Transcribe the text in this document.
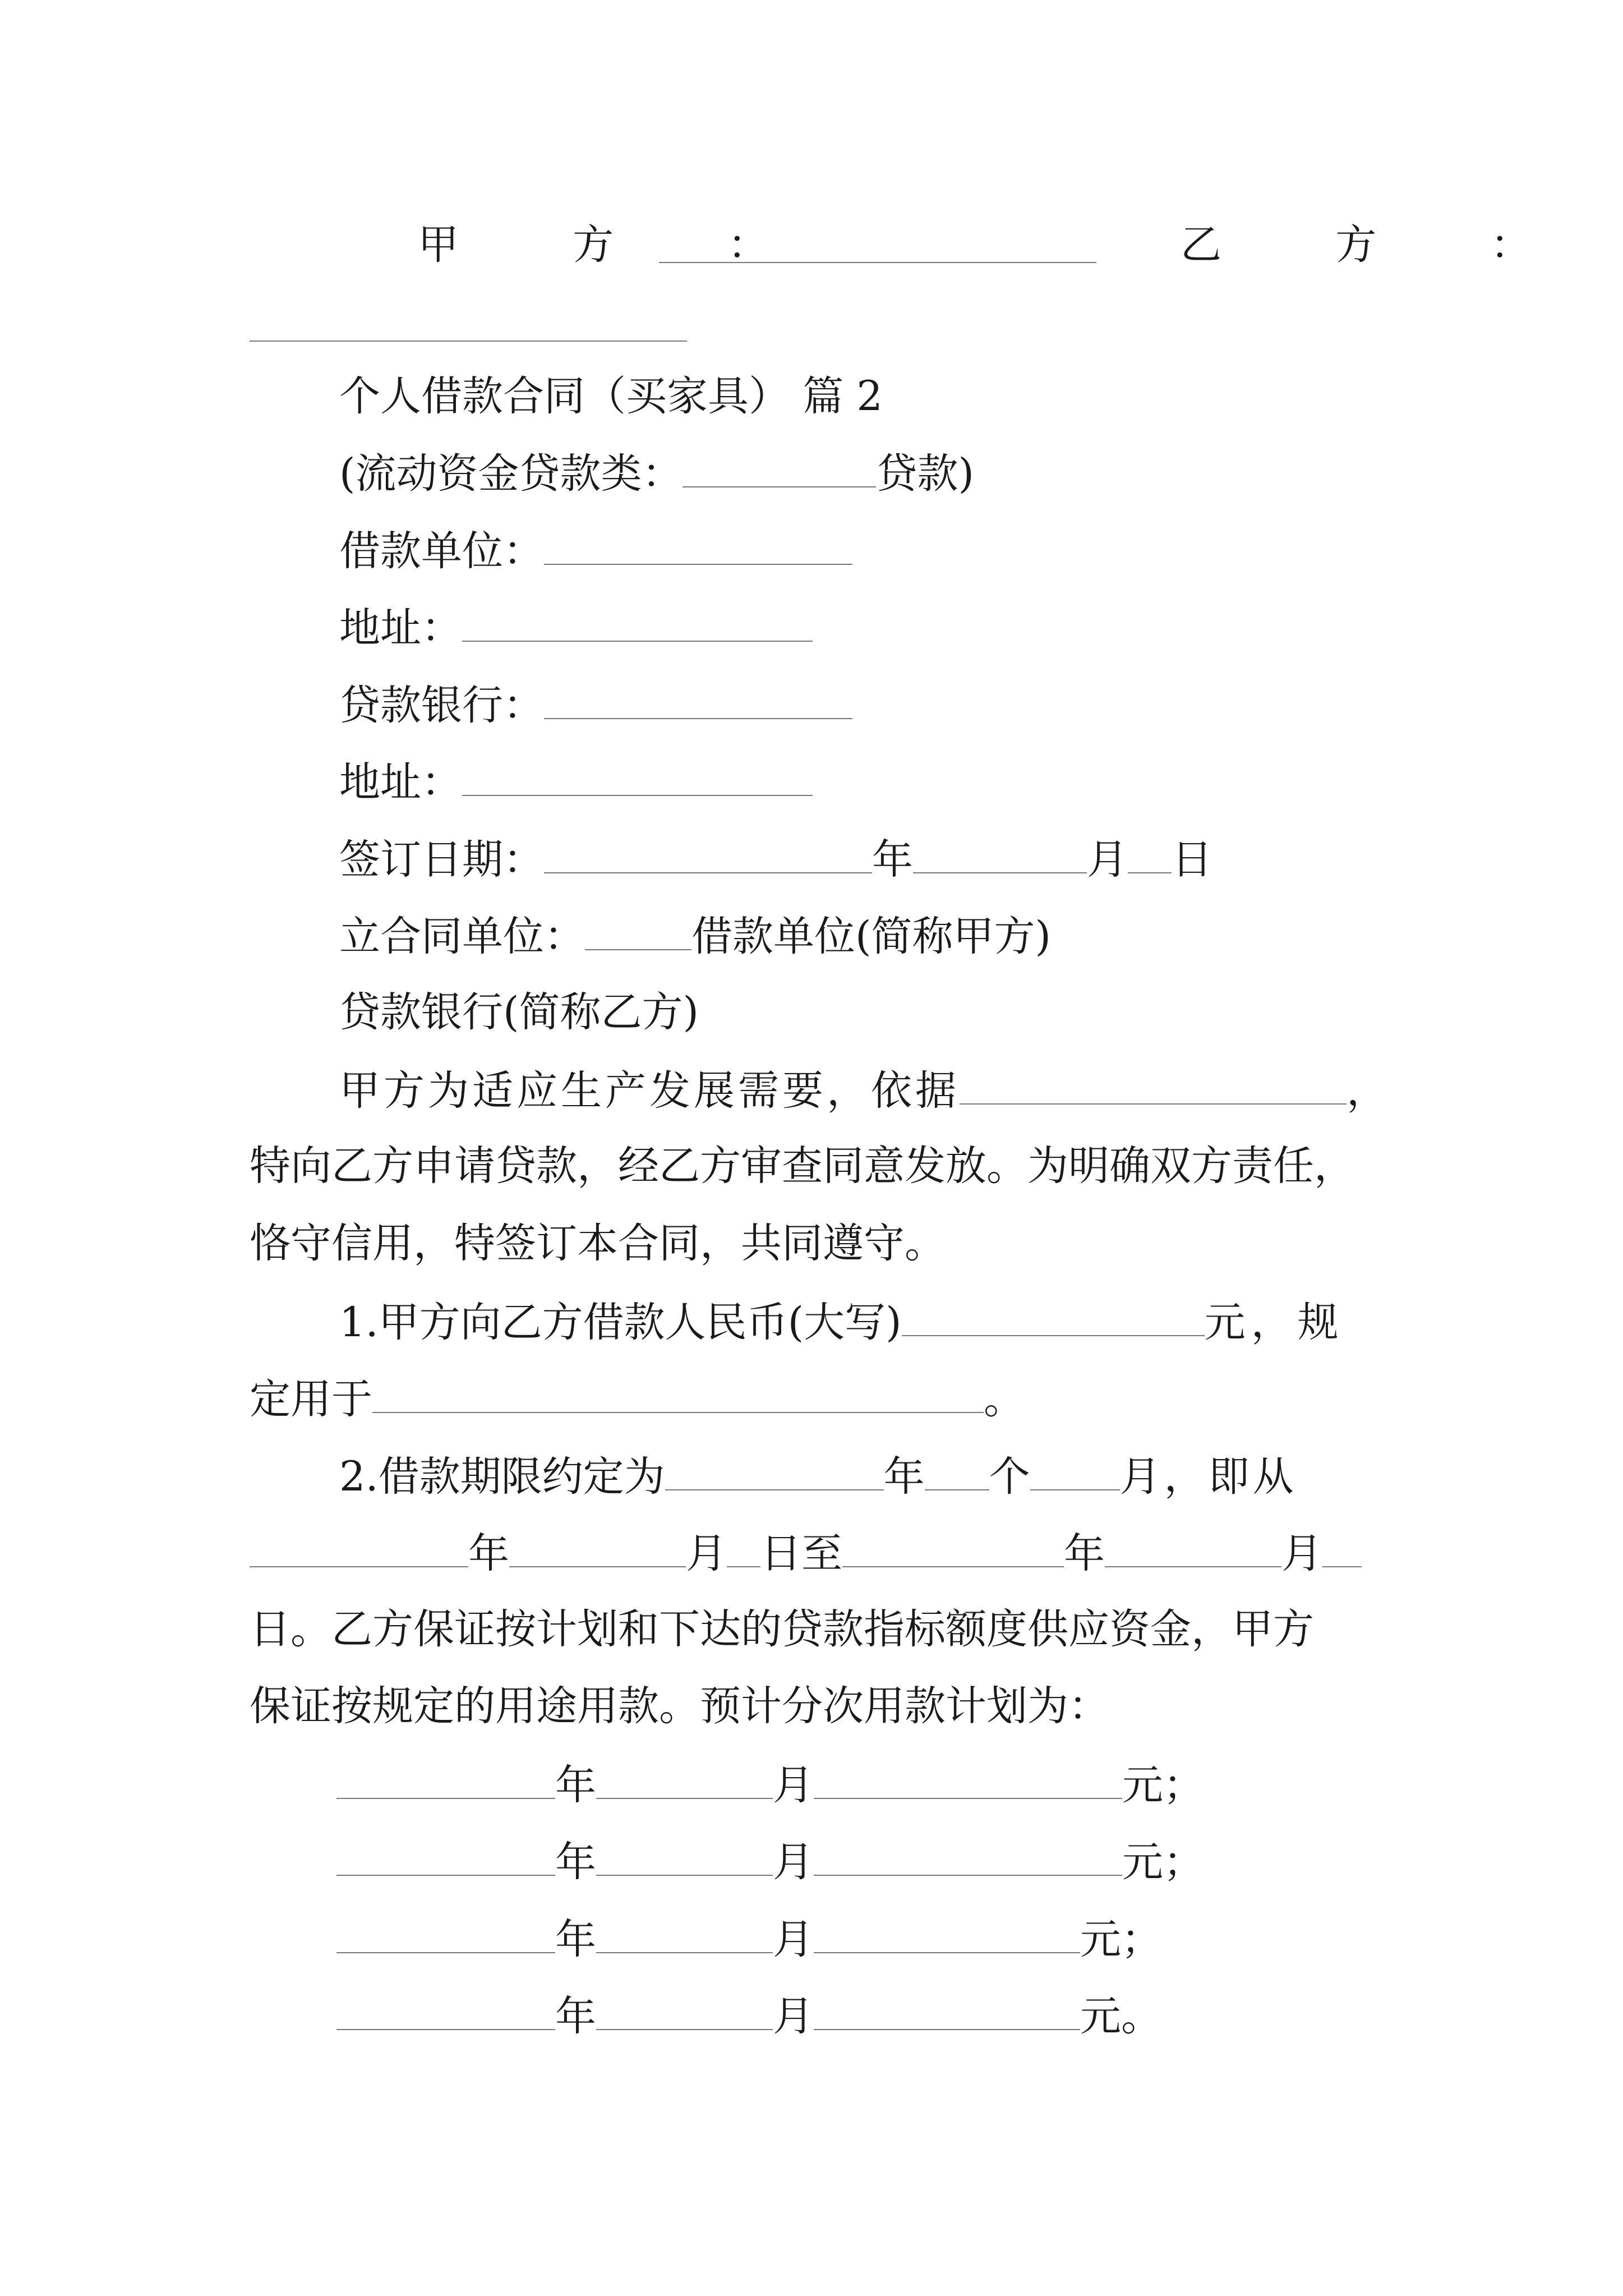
甲 方 ：	乙 方 ：
个人借款合同（买家具） 篇 2
(流动资金贷款类：	贷款)
借款单位：
地址：
贷款银行：
地址：
签订日期：	年	月 日
立合同单位：	借款单位(简称甲方)
贷款银行(简称乙方)
甲方为适应生产发展需要，依据	，
特向乙方申请贷款，经乙方审查同意发放。为明确双方责任，
恪守信用，特签订本合同，共同遵守。
1.甲方向乙方借款人民币(大写)	元，规
定用于	。
2.借款期限约定为	年 个 月，即从
年	月 日至	年	月
日。乙方保证按计划和下达的贷款指标额度供应资金，甲方
保证按规定的用途用款。预计分次用款计划为：
年	月	元；
年	月	元；
年	月	元；
年	月	元。
